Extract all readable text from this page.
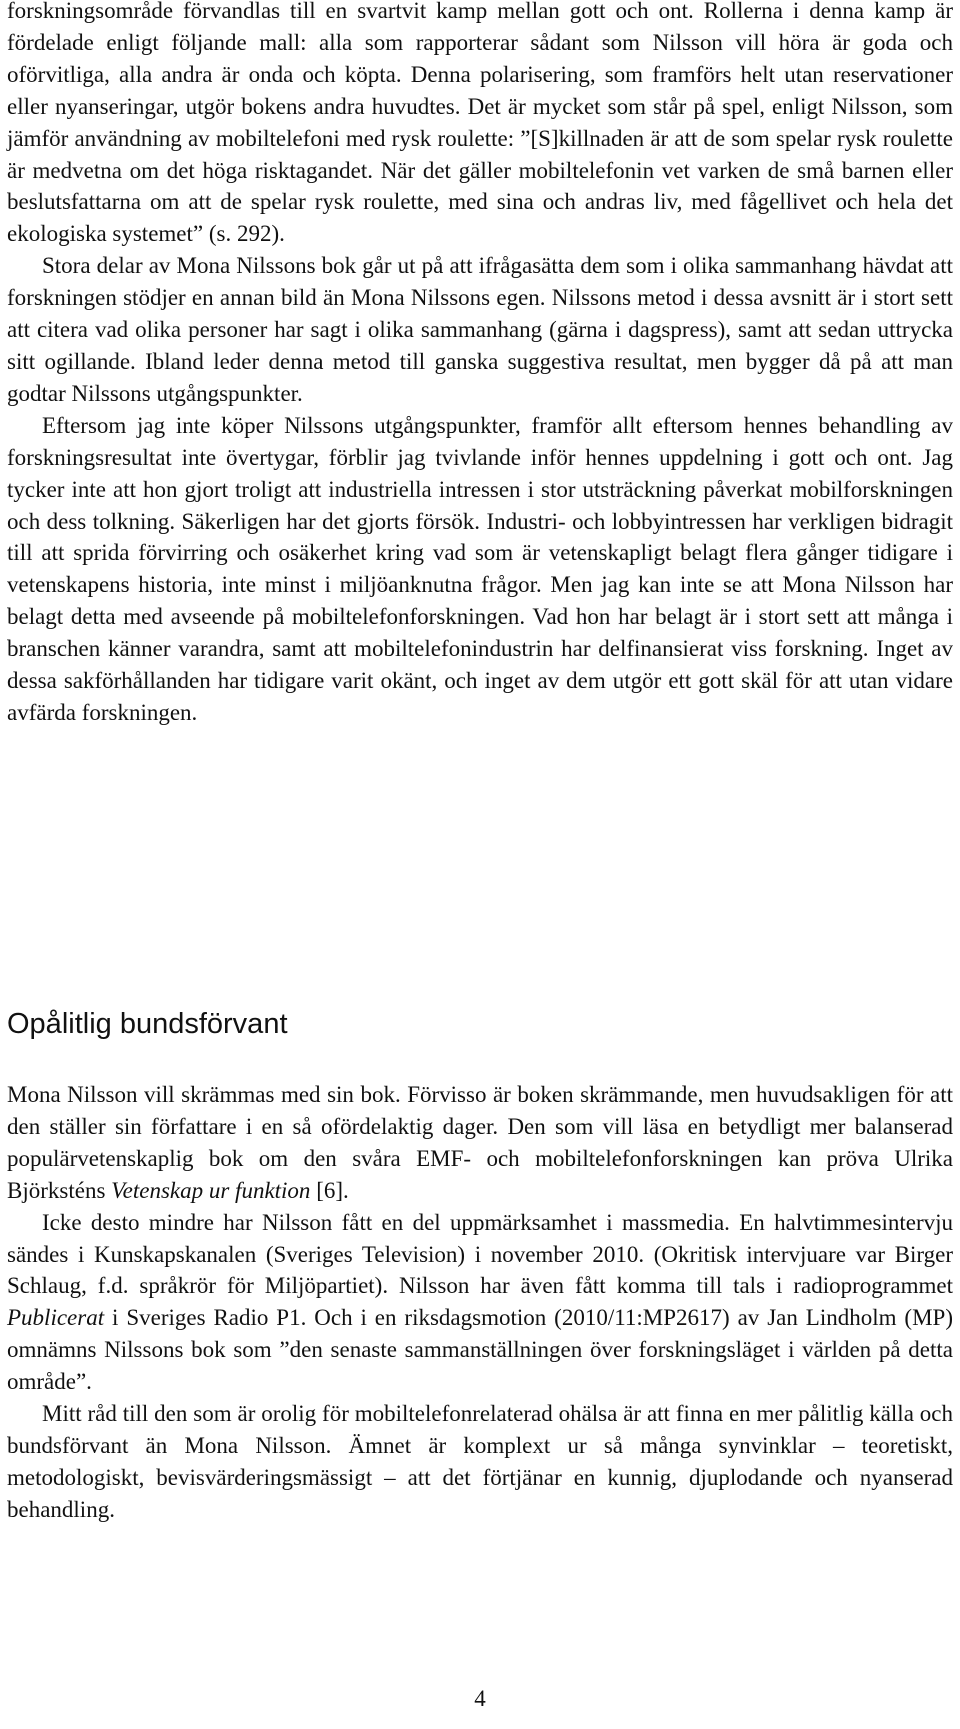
forskningsområde förvandlas till en svartvit kamp mellan gott och ont. Rollerna i denna kamp är fördelade enligt följande mall: alla som rapporterar sådant som Nilsson vill höra är goda och oförvitliga, alla andra är onda och köpta. Denna polarisering, som framförs helt utan reservationer eller nyanseringar, utgör bokens andra huvudtes. Det är mycket som står på spel, enligt Nilsson, som jämför användning av mobiltelefoni med rysk roulette: ”[S]killnaden är att de som spelar rysk roulette är medvetna om det höga risktagandet. När det gäller mobiltelefonin vet varken de små barnen eller beslutsfattarna om att de spelar rysk roulette, med sina och andras liv, med fågellivet och hela det ekologiska systemet” (s. 292).

Stora delar av Mona Nilssons bok går ut på att ifrågasätta dem som i olika sammanhang hävdat att forskningen stödjer en annan bild än Mona Nilssons egen. Nilssons metod i dessa avsnitt är i stort sett att citera vad olika personer har sagt i olika sammanhang (gärna i dagspress), samt att sedan uttrycka sitt ogillande. Ibland leder denna metod till ganska suggestiva resultat, men bygger då på att man godtar Nilssons utgångspunkter.

Eftersom jag inte köper Nilssons utgångspunkter, framför allt eftersom hennes behandling av forskningsresultat inte övertygar, förblir jag tvivlande inför hennes uppdelning i gott och ont. Jag tycker inte att hon gjort troligt att industriella intressen i stor utsträckning påverkat mobilforskningen och dess tolkning. Säkerligen har det gjorts försök. Industri- och lobbyintressen har verkligen bidragit till att sprida förvirring och osäkerhet kring vad som är vetenskapligt belagt flera gånger tidigare i vetenskapens historia, inte minst i miljöanknutna frågor. Men jag kan inte se att Mona Nilsson har belagt detta med avseende på mobiltelefonforskningen. Vad hon har belagt är i stort sett att många i branschen känner varandra, samt att mobiltelefonindustrin har delfinansierat viss forskning. Inget av dessa sakförhållanden har tidigare varit okänt, och inget av dem utgör ett gott skäl för att utan vidare avfärda forskningen.

Opålitlig bundsförvant

Mona Nilsson vill skrämmas med sin bok. Förvisso är boken skrämmande, men huvudsakligen för att den ställer sin författare i en så ofördelaktig dager. Den som vill läsa en betydligt mer balanserad populärvetenskaplig bok om den svåra EMF- och mobiltelefonforskningen kan pröva Ulrika Björksténs Vetenskap ur funktion [6].

Icke desto mindre har Nilsson fått en del uppmärksamhet i massmedia. En halvtimmesintervju sändes i Kunskapskanalen (Sveriges Television) i november 2010. (Okritisk intervjuare var Birger Schlaug, f.d. språkrör för Miljöpartiet). Nilsson har även fått komma till tals i radioprogrammet Publicerat i Sveriges Radio P1. Och i en riksdagsmotion (2010/11:MP2617) av Jan Lindholm (MP) omnämns Nilssons bok som ”den senaste sammanställningen över forskningsläget i världen på detta område”.

Mitt råd till den som är orolig för mobiltelefonrelaterad ohälsa är att finna en mer pålitlig källa och bundsförvant än Mona Nilsson. Ämnet är komplext ur så många synvinklar – teoretiskt, metodologiskt, bevisvärderingsmässigt – att det förtjänar en kunnig, djuplodande och nyanserad behandling.

4
